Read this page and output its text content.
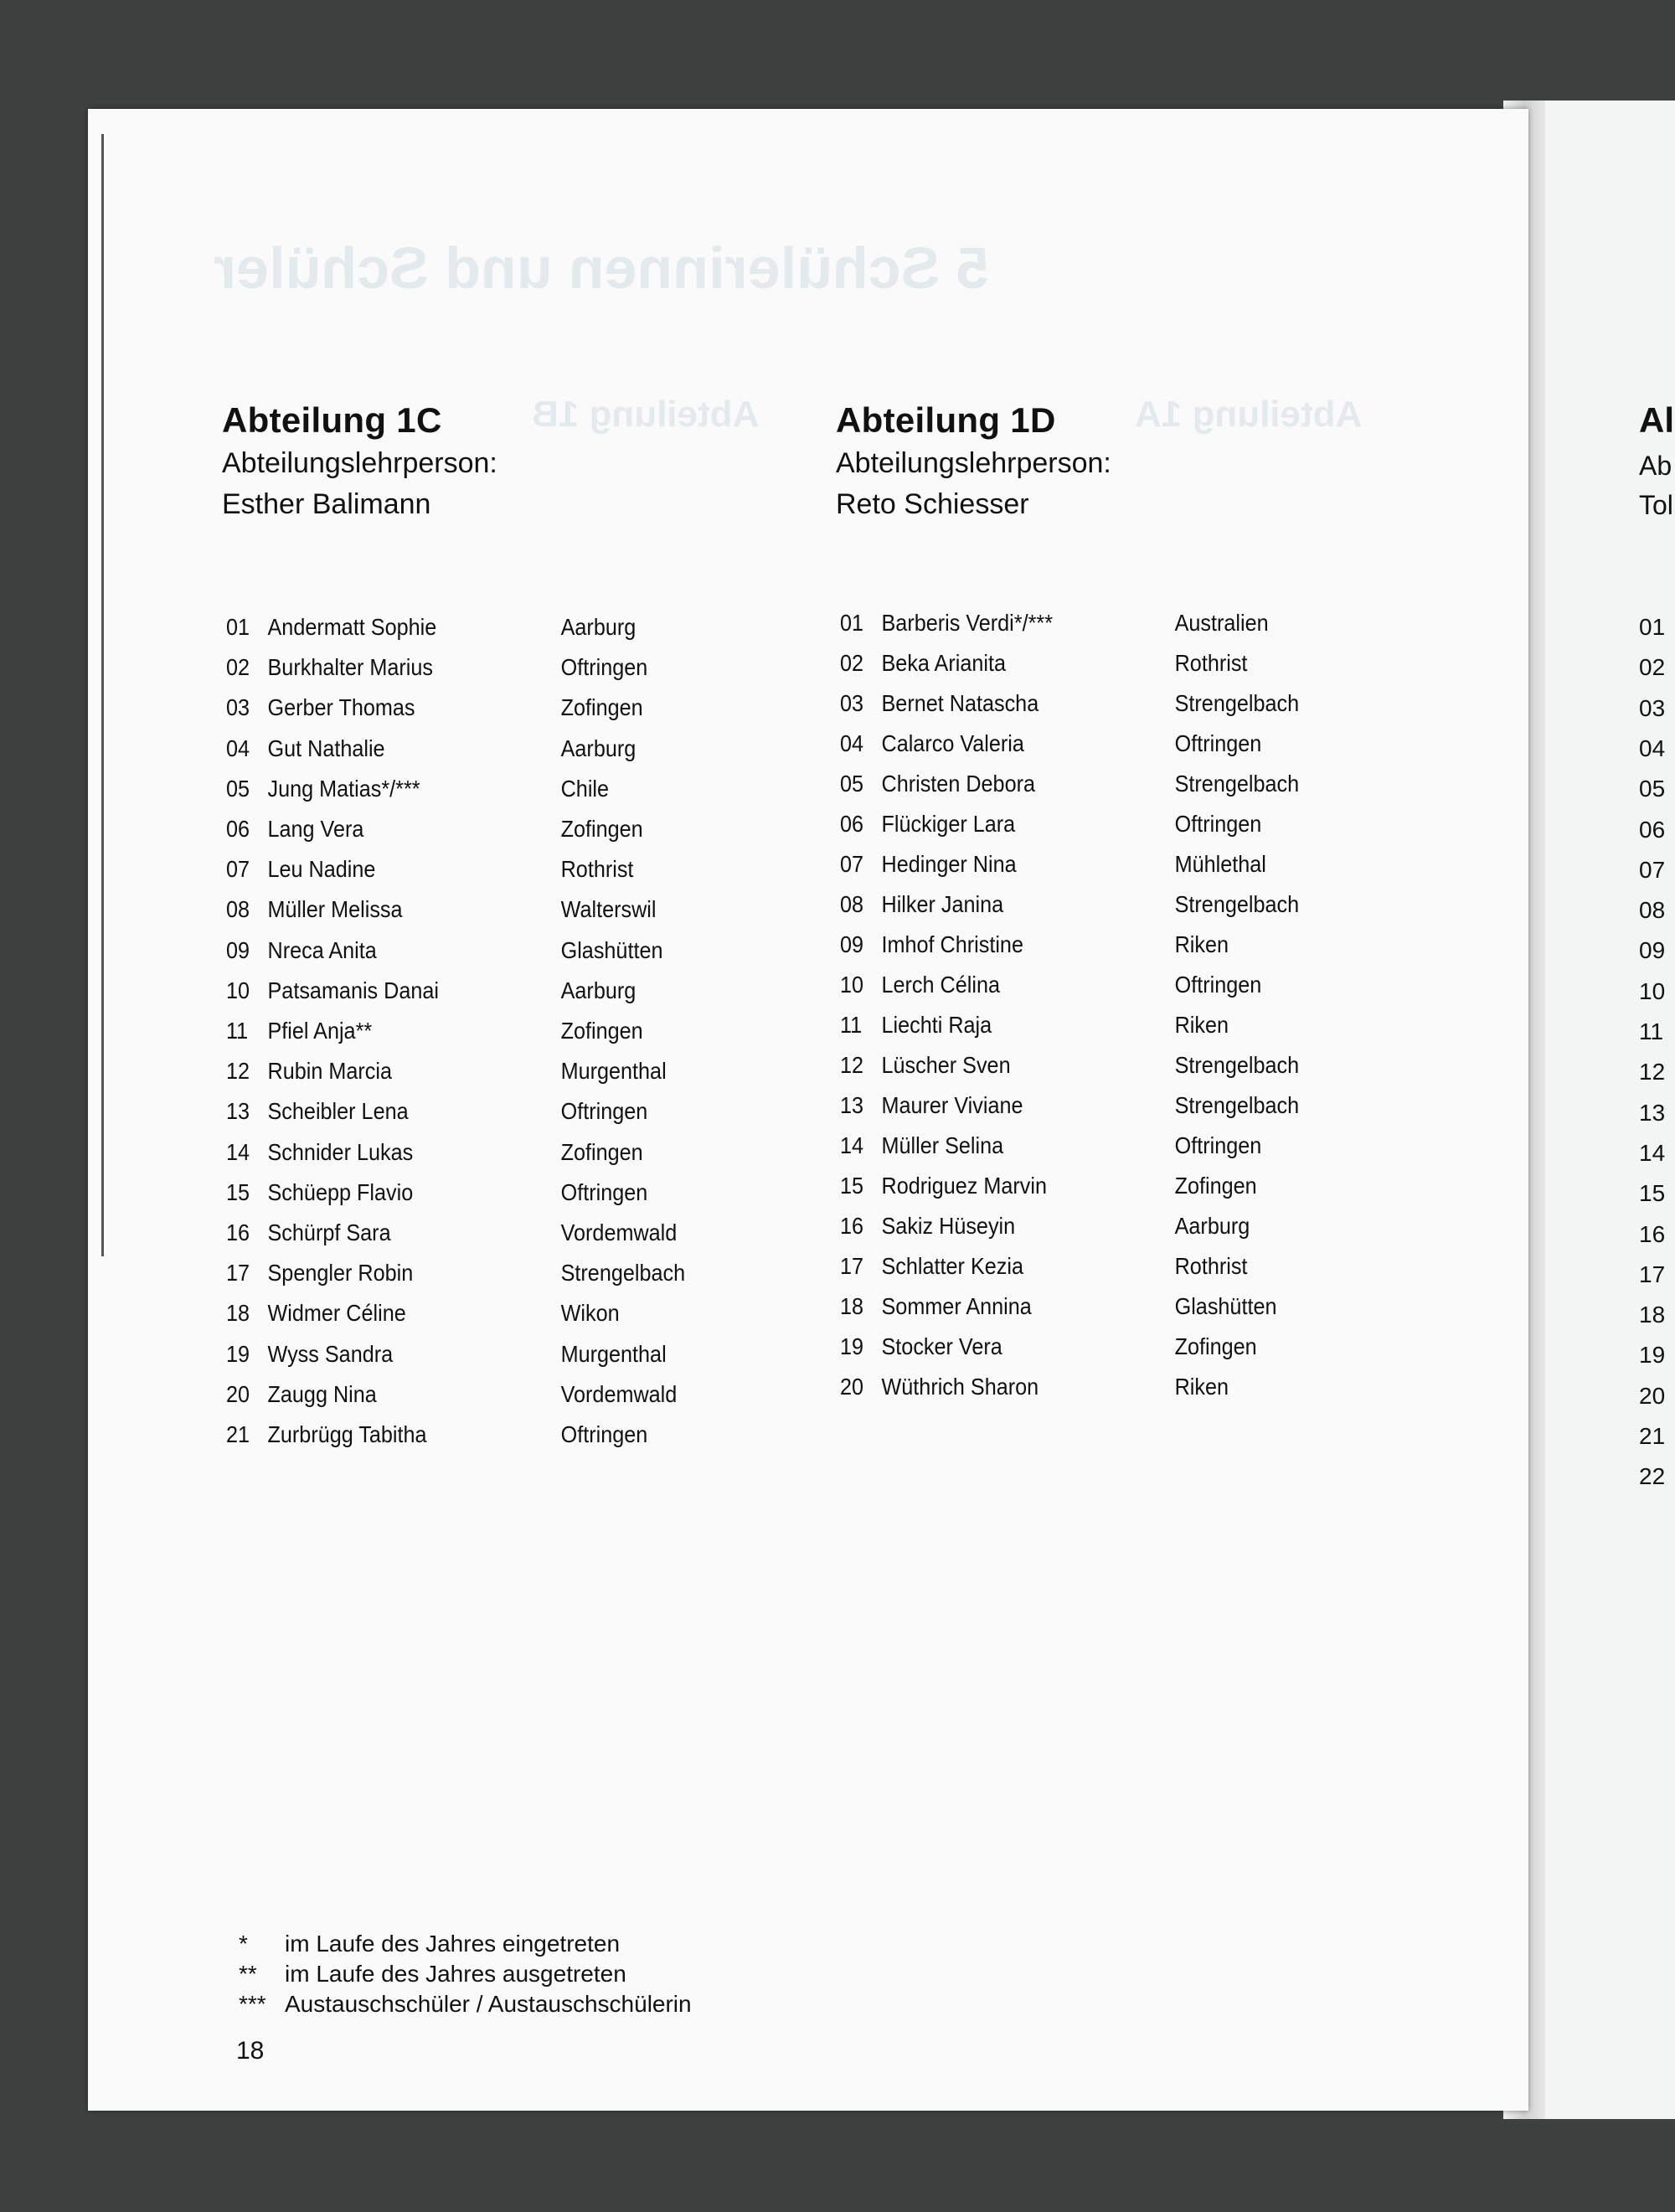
5 Schülerinnen und Schüler
Abteilung 1A
Abteilung 1B
Abteilung 1C
Abteilungslehrperson:
Esther Balimann
Abteilung 1D
Abteilungslehrperson:
Reto Schiesser
01 Andermatt Sophie	Aarburg
02 Burkhalter Marius	Oftringen
03 Gerber Thomas	Zofingen
04 Gut Nathalie	Aarburg
05 Jung Matias*/***	Chile
06 Lang Vera	Zofingen
07 Leu Nadine	Rothrist
08 Müller Melissa	Walterswil
09 Nreca Anita	Glashütten
10 Patsamanis Danai	Aarburg
11 Pfiel Anja**	Zofingen
12 Rubin Marcia	Murgenthal
13 Scheibler Lena	Oftringen
14 Schnider Lukas	Zofingen
15 Schüepp Flavio	Oftringen
16 Schürpf Sara	Vordemwald
17 Spengler Robin	Strengelbach
18 Widmer Céline	Wikon
19 Wyss Sandra	Murgenthal
20 Zaugg Nina	Vordemwald
21 Zurbrügg Tabitha	Oftringen
01 Barberis Verdi*/***	Australien
02 Beka Arianita	Rothrist
03 Bernet Natascha	Strengelbach
04 Calarco Valeria	Oftringen
05 Christen Debora	Strengelbach
06 Flückiger Lara	Oftringen
07 Hedinger Nina	Mühlethal
08 Hilker Janina	Strengelbach
09 Imhof Christine	Riken
10 Lerch Célina	Oftringen
11 Liechti Raja	Riken
12 Lüscher Sven	Strengelbach
13 Maurer Viviane	Strengelbach
14 Müller Selina	Oftringen
15 Rodriguez Marvin	Zofingen
16 Sakiz Hüseyin	Aarburg
17 Schlatter Kezia	Rothrist
18 Sommer Annina	Glashütten
19 Stocker Vera	Zofingen
20 Wüthrich Sharon	Riken
*	im Laufe des Jahres eingetreten
**	im Laufe des Jahres ausgetreten
*** Austauschschüler / Austauschschülerin
18
Al
Ab
Tol
01
02
03
04
05
06
07
08
09
10
11
12
13
14
15
16
17
18
19
20
21
22
